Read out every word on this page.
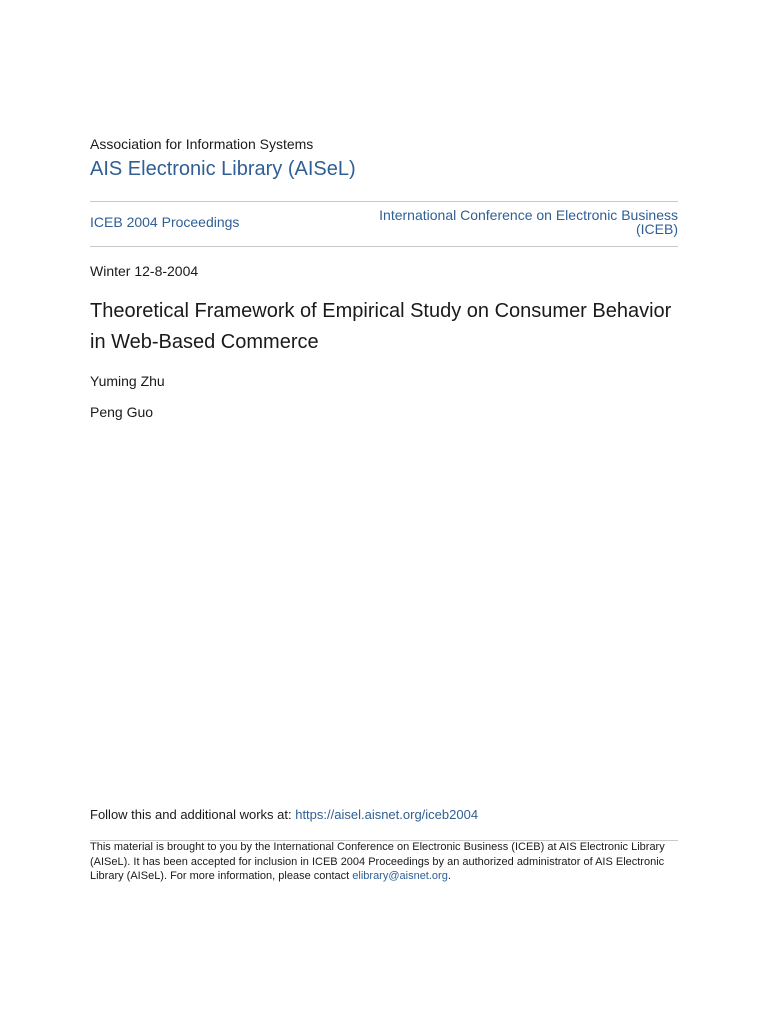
Association for Information Systems
AIS Electronic Library (AISeL)
ICEB 2004 Proceedings	International Conference on Electronic Business
(ICEB)
Winter 12-8-2004
Theoretical Framework of Empirical Study on Consumer Behavior in Web-Based Commerce
Yuming Zhu
Peng Guo
Follow this and additional works at: https://aisel.aisnet.org/iceb2004
This material is brought to you by the International Conference on Electronic Business (ICEB) at AIS Electronic Library (AISeL). It has been accepted for inclusion in ICEB 2004 Proceedings by an authorized administrator of AIS Electronic Library (AISeL). For more information, please contact elibrary@aisnet.org.
